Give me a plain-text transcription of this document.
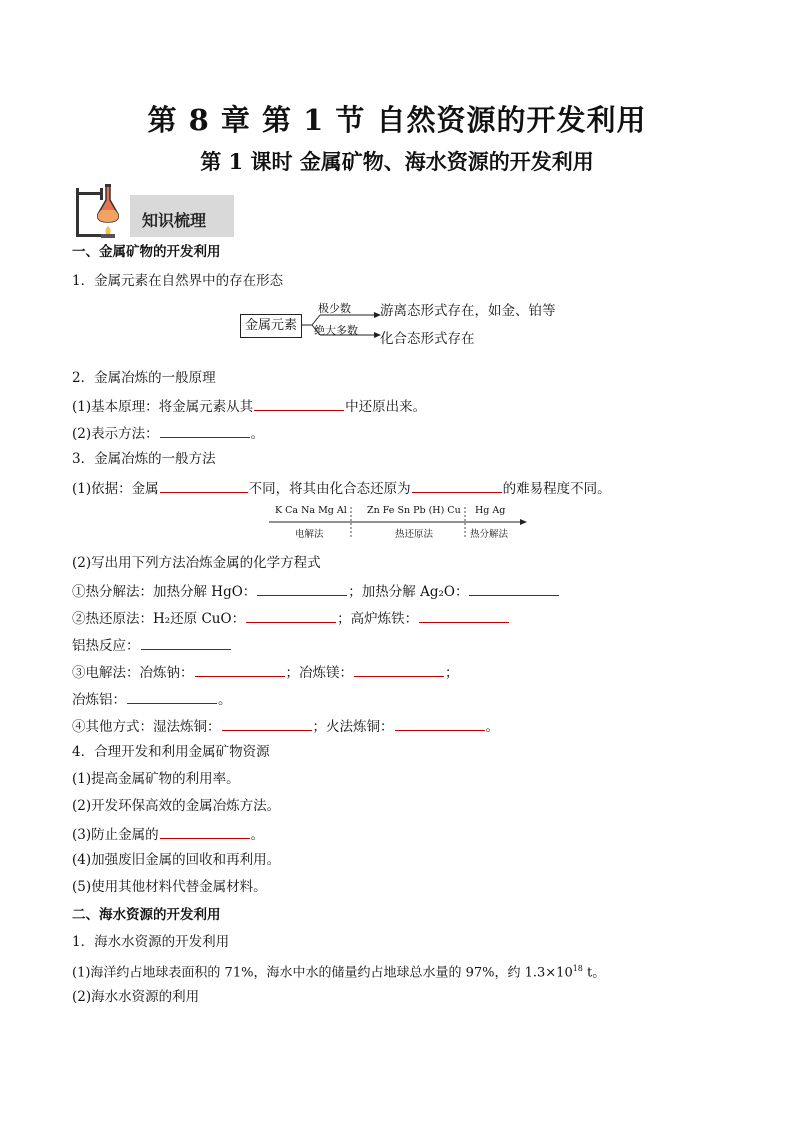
第 8 章 第 1 节 自然资源的开发利用
第 1 课时 金属矿物、海水资源的开发利用
知识梳理
一、金属矿物的开发利用
1．金属元素在自然界中的存在形态
金属元素
极少数
绝大多数
游离态形式存在，如金、铂等
化合态形式存在
2．金属冶炼的一般原理
(1)基本原理：将金属元素从其	中还原出来。
(2)表示方法：	。
3．金属冶炼的一般方法
(1)依据：金属	不同，将其由化合态还原为	的难易程度不同。
K Ca Na Mg Al Zn Fe Sn Pb (H) Cu Hg Ag
电解法	热还原法	热分解法
(2)写出用下列方法冶炼金属的化学方程式
①热分解法：加热分解 HgO：	；加热分解 Ag₂O：
②热还原法：H₂还原 CuO：	；高炉炼铁：
铝热反应：
③电解法：冶炼钠：	；冶炼镁：	；
冶炼铝：	。
④其他方式：湿法炼铜：	；火法炼铜：	。
4．合理开发和利用金属矿物资源
(1)提高金属矿物的利用率。
(2)开发环保高效的金属冶炼方法。
(3)防止金属的	。
(4)加强废旧金属的回收和再利用。
(5)使用其他材料代替金属材料。
二、海水资源的开发利用
1．海水水资源的开发利用
(1)海洋约占地球表面积的 71%，海水中水的储量约占地球总水量的 97%，约 $1.3\times 10^{18}$ t。
(2)海水水资源的利用
